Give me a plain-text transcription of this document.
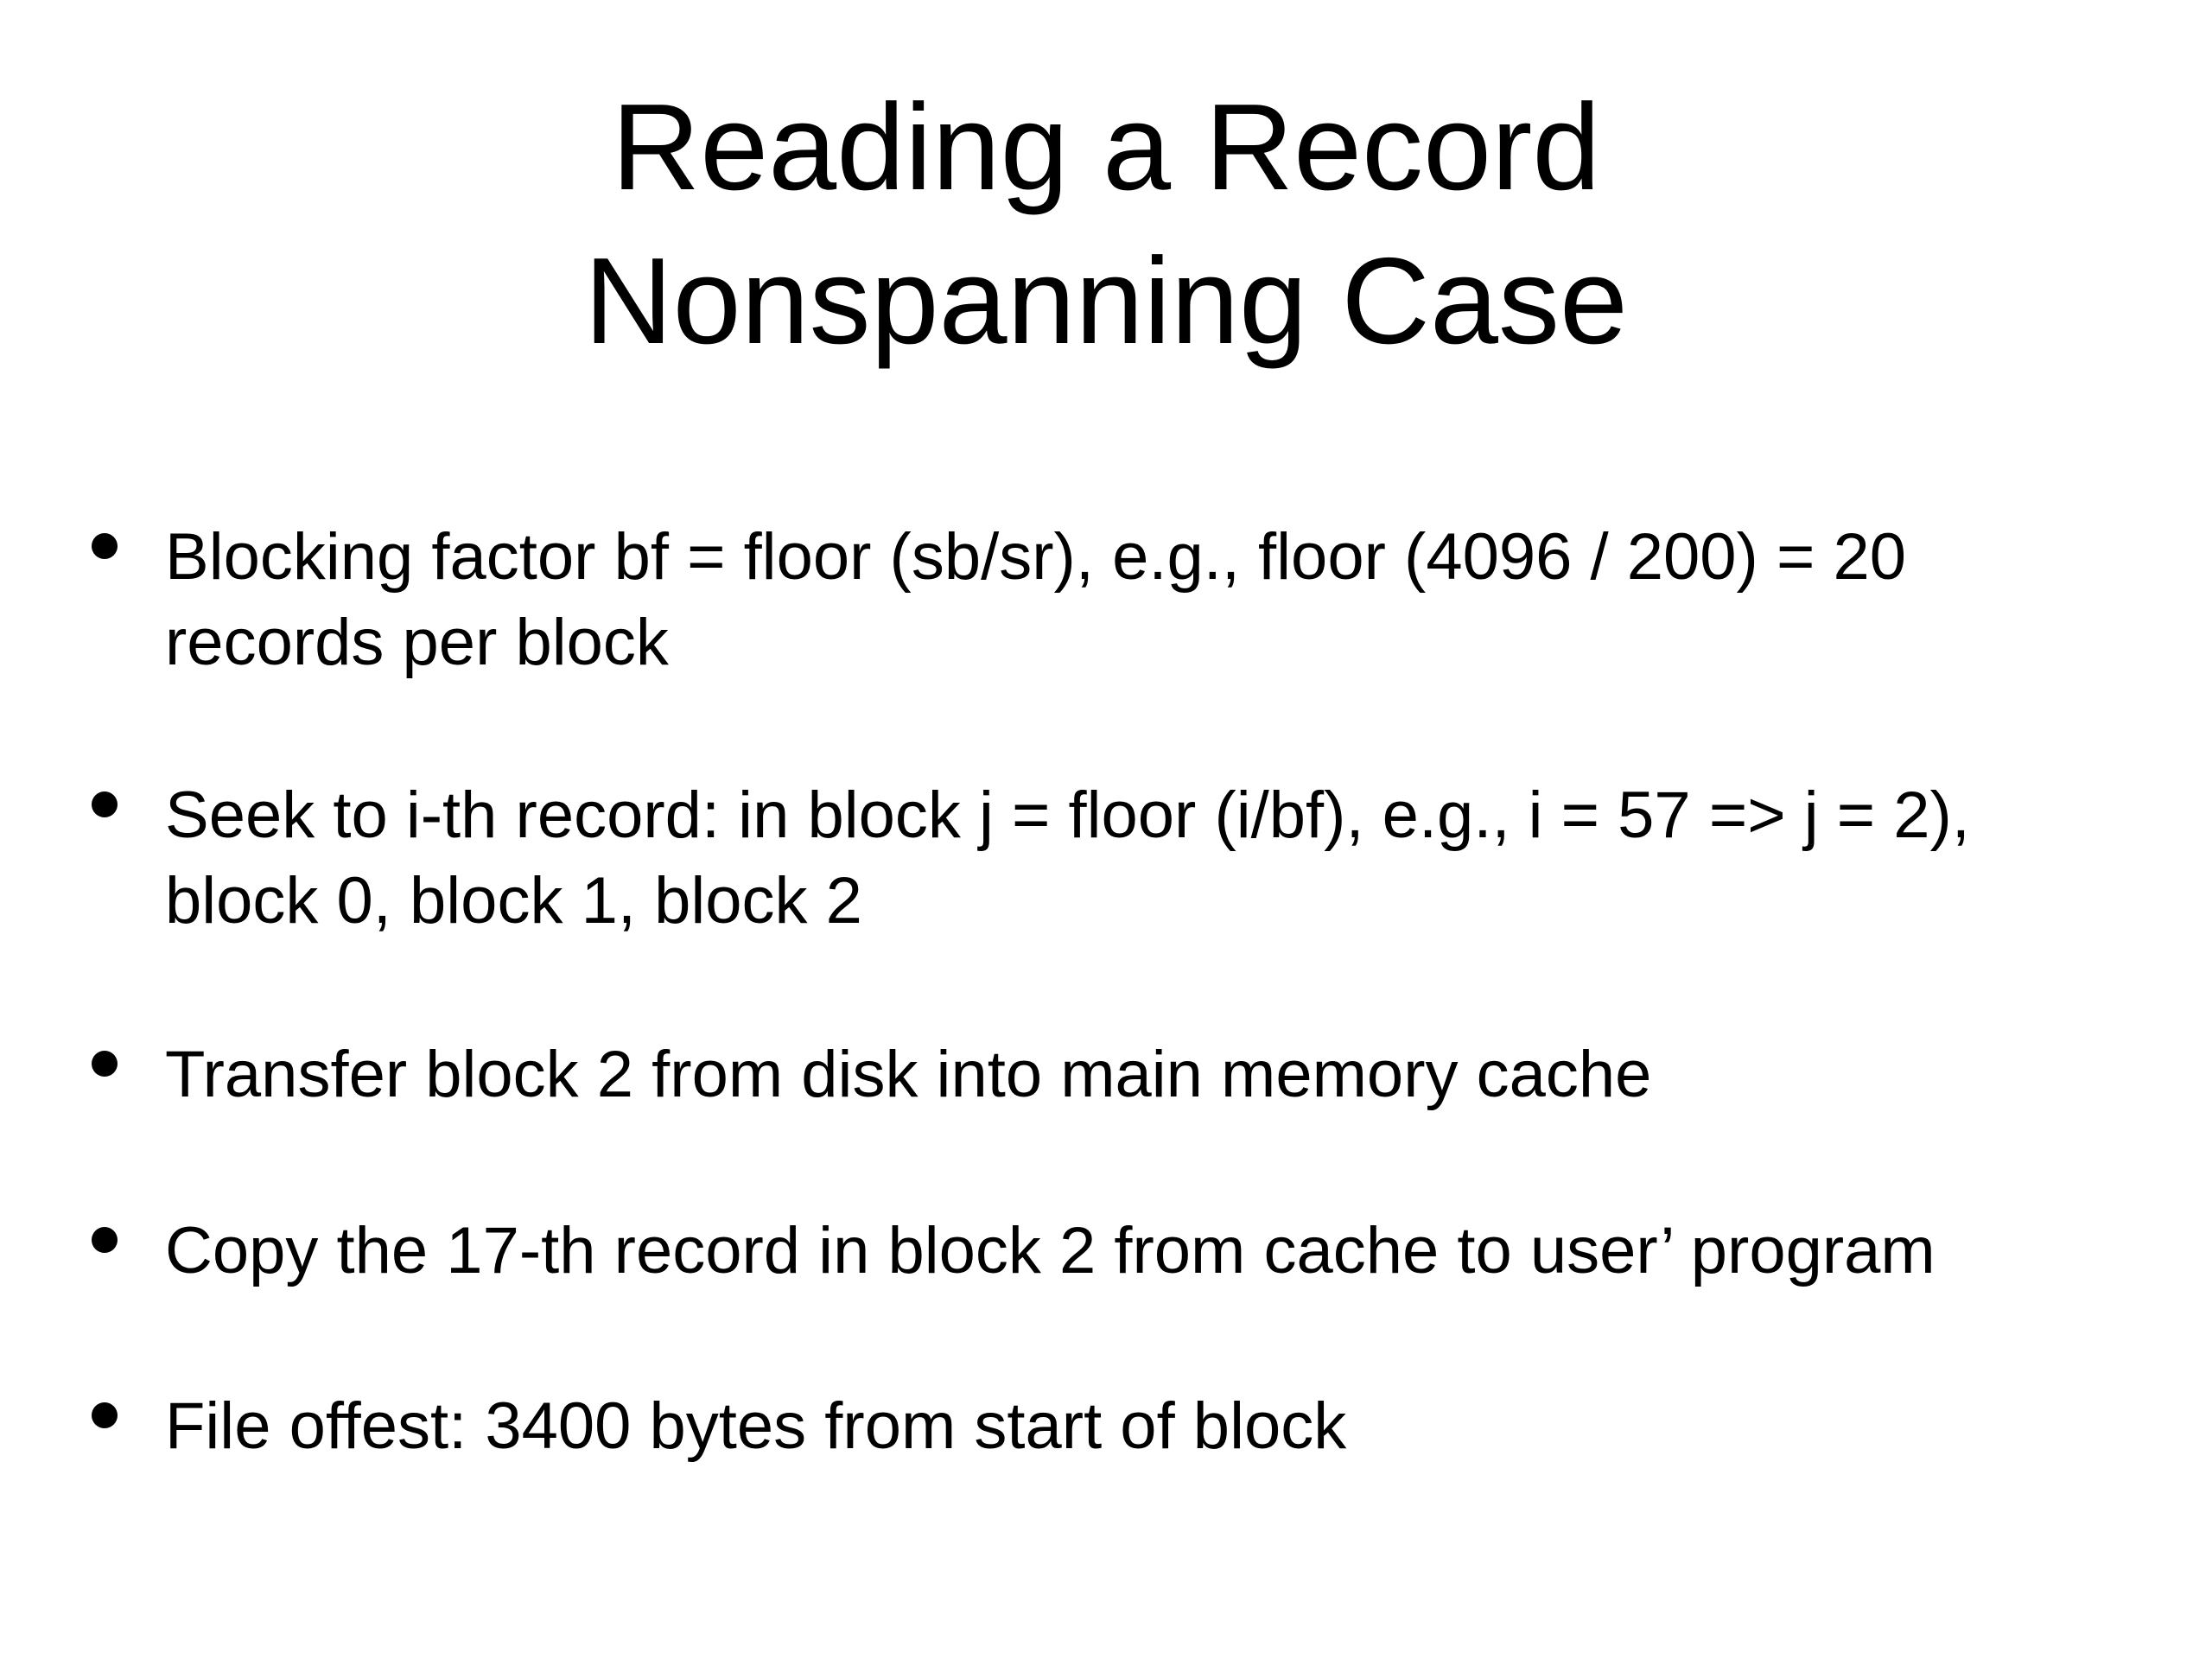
Reading a Record
Nonspanning Case
Blocking factor bf = floor (sb/sr), e.g., floor (4096 / 200) = 20
records per block
Seek to i-th record: in block j = floor (i/bf), e.g., i = 57 => j = 2),
block 0, block 1, block 2
Transfer block 2 from disk into main memory cache
Copy the 17-th record in block 2 from cache to user’ program
File offest: 3400 bytes from start of block
